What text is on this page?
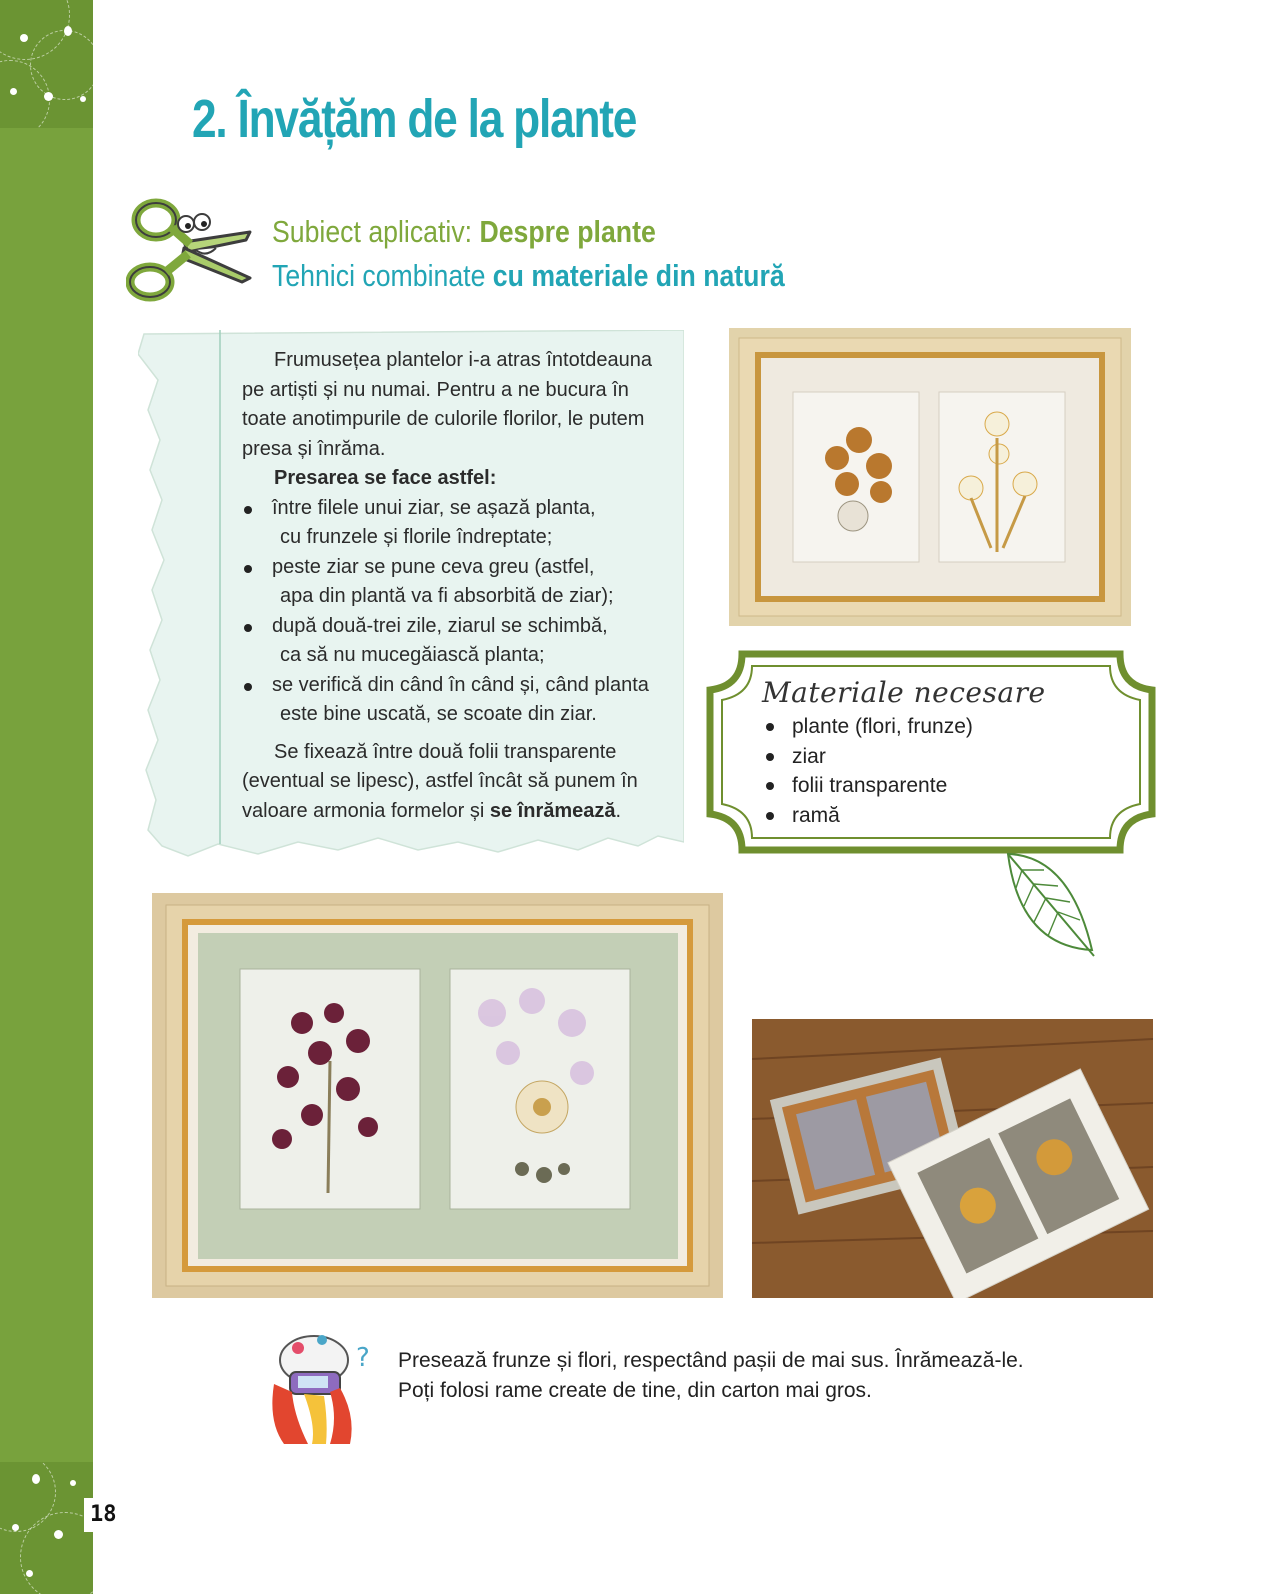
18
2. Învățăm de la plante
Subiect aplicativ: Despre plante
Tehnici combinate cu materiale din natură

Frumusețea plantelor i-a atras întotdeauna pe artiști și nu numai. Pentru a ne bucura în toate anotimpurile de culorile florilor, le putem presa și înrăma.

Presarea se face astfel:

între filele unui ziar, se așază planta,
cu frunzele și florile îndreptate;
peste ziar se pune ceva greu (astfel,
apa din plantă va fi absorbită de ziar);
după două-trei zile, ziarul se schimbă,
ca să nu mucegăiască planta;
se verifică din când în când și, când planta
este bine uscată, se scoate din ziar.

Se fixează între două folii transparente (eventual se lipesc), astfel încât să punem în valoare armonia formelor și se înrămează.

Materiale necesare
plante (flori, frunze)
ziar
folii transparente
ramă
? Presează frunze și flori, respectând pașii de mai sus. Înrămează-le.
Poți folosi rame create de tine, din carton mai gros.
